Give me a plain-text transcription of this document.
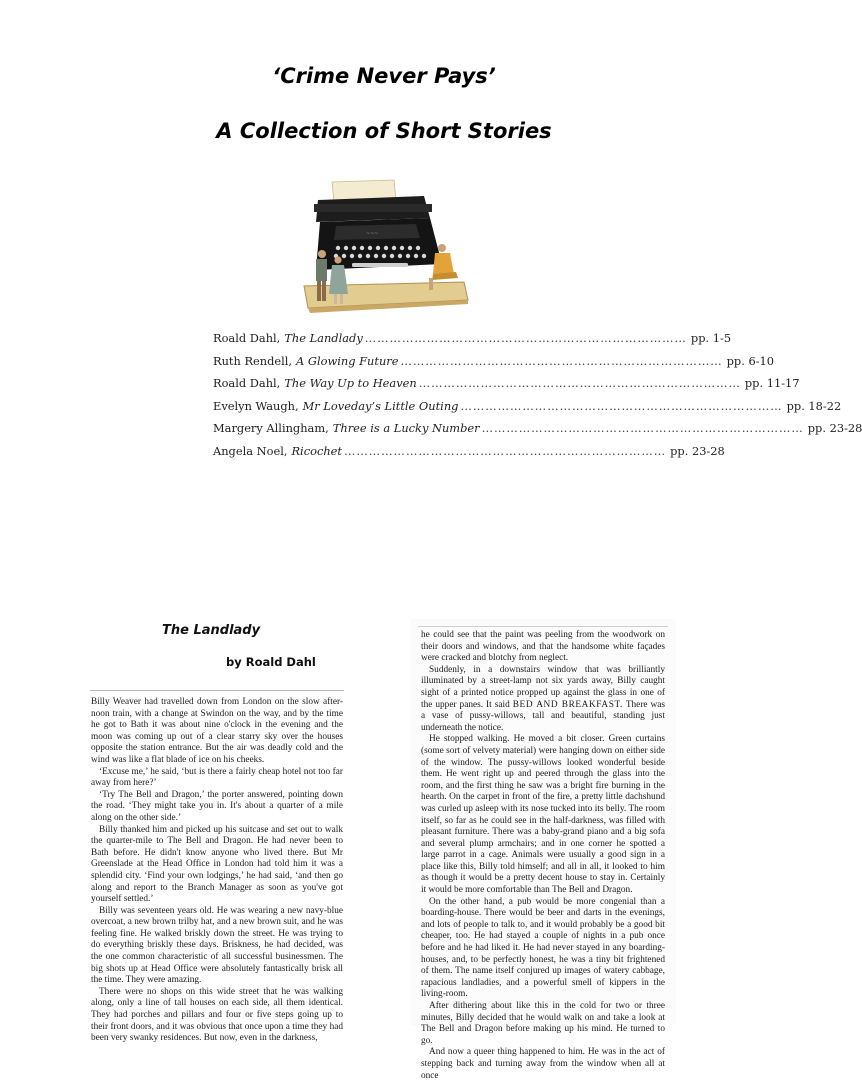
‘Crime Never Pays’
A Collection of Short Stories
~~~
Roald Dahl, The Landlady …………………………………………………………………… pp. 1-5
Ruth Rendell, A Glowing Future …………………………………………………………………… pp. 6-10
Roald Dahl, The Way Up to Heaven …………………………………………………………………… pp. 11-17
Evelyn Waugh, Mr Loveday’s Little Outing …………………………………………………………………… pp. 18-22
Margery Allingham, Three is a Lucky Number …………………………………………………………………… pp. 23-28
Angela Noel, Ricochet …………………………………………………………………… pp. 23-28
The Landlady
by Roald Dahl

Billy Weaver had travelled down from London on the slow after-noon train, with a change at Swindon on the way, and by the time he got to Bath it was about nine o'clock in the evening and the moon was coming up out of a clear starry sky over the houses opposite the station entrance. But the air was deadly cold and the wind was like a flat blade of ice on his cheeks.

‘Excuse me,’ he said, ‘but is there a fairly cheap hotel not too far away from here?’

‘Try The Bell and Dragon,’ the porter answered, pointing down the road. ‘They might take you in. It's about a quarter of a mile along on the other side.’

Billy thanked him and picked up his suitcase and set out to walk the quarter-mile to The Bell and Dragon. He had never been to Bath before. He didn't know anyone who lived there. But Mr Greenslade at the Head Office in London had told him it was a splendid city. ‘Find your own lodgings,’ he had said, ‘and then go along and report to the Branch Manager as soon as you've got yourself settled.’

Billy was seventeen years old. He was wearing a new navy-blue overcoat, a new brown trilby hat, and a new brown suit, and he was feeling fine. He walked briskly down the street. He was trying to do everything briskly these days. Briskness, he had decided, was the one common characteristic of all successful businessmen. The big shots up at Head Office were absolutely fantastically brisk all the time. They were amazing.

There were no shops on this wide street that he was walking along, only a line of tall houses on each side, all them identical. They had porches and pillars and four or five steps going up to their front doors, and it was obvious that once upon a time they had been very swanky residences. But now, even in the darkness,

he could see that the paint was peeling from the woodwork on their doors and windows, and that the handsome white façades were cracked and blotchy from neglect.

Suddenly, in a downstairs window that was brilliantly illuminated by a street-lamp not six yards away, Billy caught sight of a printed notice propped up against the glass in one of the upper panes. It said BED AND BREAKFAST. There was a vase of pussy-willows, tall and beautiful, standing just underneath the notice.

He stopped walking. He moved a bit closer. Green curtains (some sort of velvety material) were hanging down on either side of the window. The pussy-willows looked wonderful beside them. He went right up and peered through the glass into the room, and the first thing he saw was a bright fire burning in the hearth. On the carpet in front of the fire, a pretty little dachshund was curled up asleep with its nose tucked into its belly. The room itself, so far as he could see in the half-darkness, was filled with pleasant furniture. There was a baby-grand piano and a big sofa and several plump armchairs; and in one corner he spotted a large parrot in a cage. Animals were usually a good sign in a place like this, Billy told himself; and all in all, it looked to him as though it would be a pretty decent house to stay in. Certainly it would be more comfortable than The Bell and Dragon.

On the other hand, a pub would be more congenial than a boarding-house. There would be beer and darts in the evenings, and lots of people to talk to, and it would probably be a good bit cheaper, too. He had stayed a couple of nights in a pub once before and he had liked it. He had never stayed in any boarding-houses, and, to be perfectly honest, he was a tiny bit frightened of them. The name itself conjured up images of watery cabbage, rapacious landladies, and a powerful smell of kippers in the living-room.

After dithering about like this in the cold for two or three minutes, Billy decided that he would walk on and take a look at The Bell and Dragon before making up his mind. He turned to go.

And now a queer thing happened to him. He was in the act of stepping back and turning away from the window when all at once
